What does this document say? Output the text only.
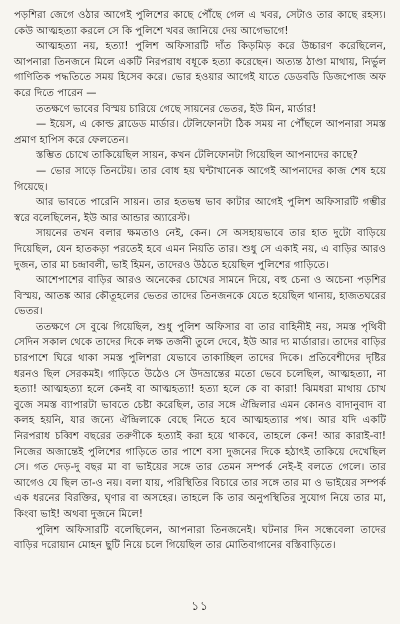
পড়শিরা জেগে ওঠার আগেই পুলিশের কাছে পৌঁছে গেল এ খবর, সেটাও তার কাছে রহস্য। কেউ আত্মহত্যা করলে সে কি পুলিশে খবর জানিয়ে দেয় আগেভাগে!

আত্মহত্যা নয়, হত্যা! পুলিশ অফিসারটি দাঁত কিড়মিড় করে উচ্চারণ করেছিলেন, আপনারা তিনজনে মিলে একটি নিরপরাধ বধূকে হত্যা করেছেন। অত্যন্ত ঠাণ্ডা মাথায়, নির্ভুল গাণিতিক পদ্ধতিতে সময় হিসেব করে। ভোর হওয়ার আগেই যাতে ডেডবডি ডিজপোজ অফ করে দিতে পারেন —

ততক্ষণে ভাবের বিস্ময় চারিয়ে গেছে সায়নের ভেতর, ইউ মিন, মার্ডার!

— ইয়েস, এ কোল্ড ব্লাডেড মার্ডার। টেলিফোনটা ঠিক সময় না পৌঁছলে আপনারা সমস্ত প্রমাণ হাপিস করে ফেলতেন।

স্তম্ভিত চোখে তাকিয়েছিল সায়ন, কখন টেলিফোনটা গিয়েছিল আপনাদের কাছে?

— ভোর সাড়ে তিনটেয়। তার বোধ হয় ঘন্টাখানেক আগেই আপনাদের কাজ শেষ হয়ে গিয়েছে।

আর ভাবতে পারেনি সায়ন। তার হতভম্ব ভাব কাটার আগেই পুলিশ অফিসারটি গম্ভীর স্বরে বলেছিলেন, ইউ আর আন্ডার অ্যারেস্ট।

সায়নের তখন বলার ক্ষমতাও নেই, কেন। সে অসহায়ভাবে তার হাত দুটো বাড়িয়ে দিয়েছিল, যেন হাতকড়া পরতেই হবে এমন নিয়তি তার। শুধু সে একাই নয়, এ বাড়ির আরও দুজন, তার মা চন্দ্রাবলী, ভাই হিমন, তাদেরও উঠতে হয়েছিল পুলিশের গাড়িতে।

আশেপাশের বাড়ির আরও অনেকের চোখের সামনে দিয়ে, বহু চেনা ও অচেনা পড়শির বিস্ময়, আতঙ্ক আর কৌতূহলের ভেতর তাদের তিনজনকে যেতে হয়েছিল থানায়, হাজতঘরের ভেতর।

ততক্ষণে সে বুঝে গিয়েছিল, শুধু পুলিশ অফিসার বা তার বাহিনীই নয়, সমস্ত পৃথিবী সেদিন সকাল থেকে তাদের দিকে লক্ষ তর্জনী তুলে দেবে, ইউ আর দ্য মার্ডারার। তাদের বাড়ির চারপাশে ঘিরে থাকা সমস্ত পুলিশরা যেভাবে তাকাচ্ছিল তাদের দিকে। প্রতিবেশীদের দৃষ্টির ধরনও ছিল সেরকমই। গাড়িতে উঠেও সে উদভ্রান্তের মতো ভেবে চলেছিল, আত্মহত্যা, না হত্যা! আত্মহত্যা হলে কেনই বা আত্মহত্যা! হত্যা হলে কে বা কারা! ঝিমধরা মাথায় চোখ বুজে সমস্ত ব্যাপারটা ভাবতে চেষ্টা করেছিল, তার সঙ্গে ঐন্দ্রিলার এমন কোনও বাদানুবাদ বা কলহ হয়নি, যার জন্যে ঐন্দ্রিলাকে বেছে নিতে হবে আত্মহত্যার পথ। আর যদি একটি নিরপরাধ চব্বিশ বছরের তরুণীকে হত্যাই করা হয়ে থাকবে, তাহলে কেন! আর কারাই-বা! নিজের অজান্তেই পুলিশের গাড়িতে তার পাশে বসা দুজনের দিকে হঠাৎই তাকিয়ে দেখেছিল সে। গত দেড়-দু বছর মা বা ভাইয়ের সঙ্গে তার তেমন সম্পর্ক নেই-ই বলতে গেলে। তার আগেও যে ছিল তা-ও নয়। বলা যায়, পরিস্থিতির বিচারে তার সঙ্গে তার মা ও ভাইয়ের সম্পর্ক এক ধরনের বিরক্তির, ঘৃণার বা অসহের। তাহলে কি তার অনুপস্থিতির সুযোগ নিয়ে তার মা, কিংবা ভাই! অথবা দুজনে মিলে!

পুলিশ অফিসারটি বলেছিলেন, আপনারা তিনজনেই। ঘটনার দিন সন্ধেবেলা তাদের বাড়ির দরোয়ান মোহন ছুটি নিয়ে চলে গিয়েছিল তার মোতিবাগানের বস্তিবাড়িতে।

১১
